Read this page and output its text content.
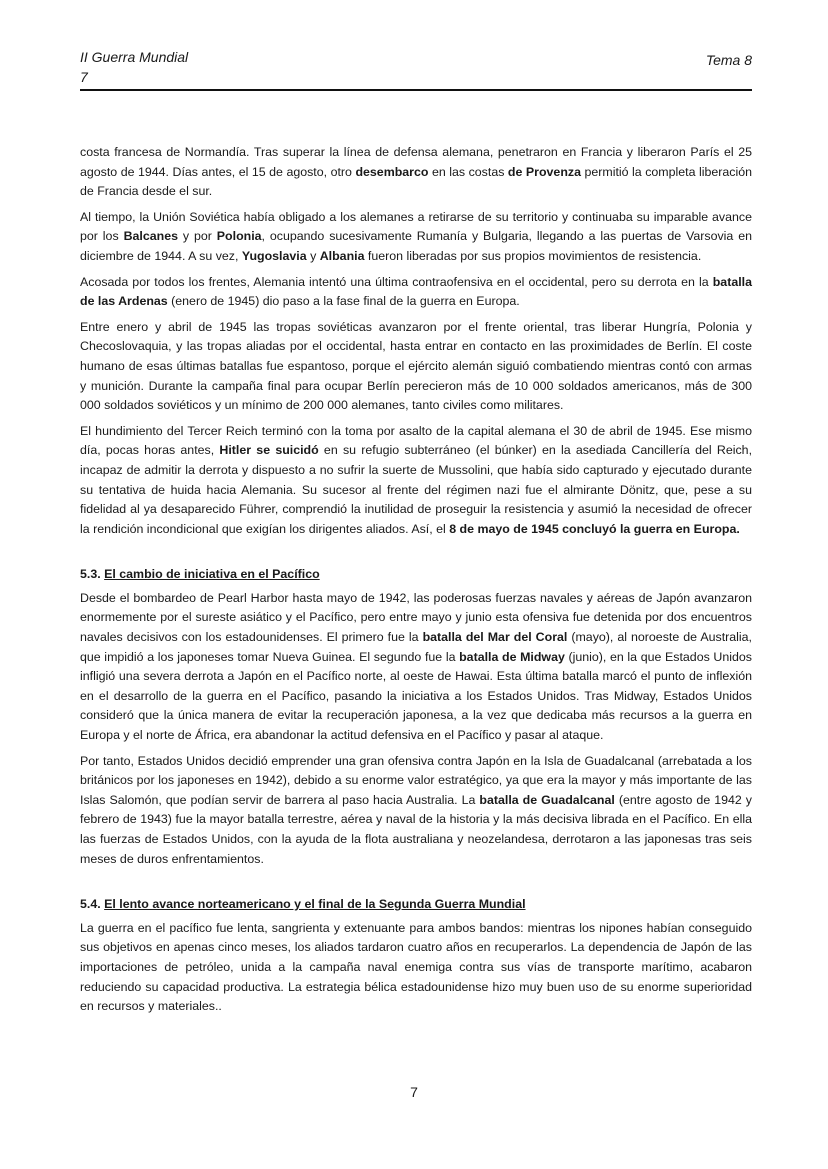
II Guerra Mundial
7
Tema 8

costa francesa de Normandía. Tras superar la línea de defensa alemana, penetraron en Francia y liberaron París el 25 agosto de 1944. Días antes, el 15 de agosto, otro desembarco en las costas de Provenza permitió la completa liberación de Francia desde el sur.

Al tiempo, la Unión Soviética había obligado a los alemanes a retirarse de su territorio y continuaba su imparable avance por los Balcanes y por Polonia, ocupando sucesivamente Rumanía y Bulgaria, llegando a las puertas de Varsovia en diciembre de 1944. A su vez, Yugoslavia y Albania fueron liberadas por sus propios movimientos de resistencia.

Acosada por todos los frentes, Alemania intentó una última contraofensiva en el occidental, pero su derrota en la batalla de las Ardenas (enero de 1945) dio paso a la fase final de la guerra en Europa.

Entre enero y abril de 1945 las tropas soviéticas avanzaron por el frente oriental, tras liberar Hungría, Polonia y Checoslovaquia, y las tropas aliadas por el occidental, hasta entrar en contacto en las proximidades de Berlín. El coste humano de esas últimas batallas fue espantoso, porque el ejército alemán siguió combatiendo mientras contó con armas y munición. Durante la campaña final para ocupar Berlín perecieron más de 10 000 soldados americanos, más de 300 000 soldados soviéticos y un mínimo de 200 000 alemanes, tanto civiles como militares.

El hundimiento del Tercer Reich terminó con la toma por asalto de la capital alemana el 30 de abril de 1945. Ese mismo día, pocas horas antes, Hitler se suicidó en su refugio subterráneo (el búnker) en la asediada Cancillería del Reich, incapaz de admitir la derrota y dispuesto a no sufrir la suerte de Mussolini, que había sido capturado y ejecutado durante su tentativa de huida hacia Alemania. Su sucesor al frente del régimen nazi fue el almirante Dönitz, que, pese a su fidelidad al ya desaparecido Führer, comprendió la inutilidad de proseguir la resistencia y asumió la necesidad de ofrecer la rendición incondicional que exigían los dirigentes aliados. Así, el 8 de mayo de 1945 concluyó la guerra en Europa.

5.3. El cambio de iniciativa en el Pacífico

Desde el bombardeo de Pearl Harbor hasta mayo de 1942, las poderosas fuerzas navales y aéreas de Japón avanzaron enormemente por el sureste asiático y el Pacífico, pero entre mayo y junio esta ofensiva fue detenida por dos encuentros navales decisivos con los estadounidenses. El primero fue la batalla del Mar del Coral (mayo), al noroeste de Australia, que impidió a los japoneses tomar Nueva Guinea. El segundo fue la batalla de Midway (junio), en la que Estados Unidos infligió una severa derrota a Japón en el Pacífico norte, al oeste de Hawai. Esta última batalla marcó el punto de inflexión en el desarrollo de la guerra en el Pacífico, pasando la iniciativa a los Estados Unidos. Tras Midway, Estados Unidos consideró que la única manera de evitar la recuperación japonesa, a la vez que dedicaba más recursos a la guerra en Europa y el norte de África, era abandonar la actitud defensiva en el Pacífico y pasar al ataque.

Por tanto, Estados Unidos decidió emprender una gran ofensiva contra Japón en la Isla de Guadalcanal (arrebatada a los británicos por los japoneses en 1942), debido a su enorme valor estratégico, ya que era la mayor y más importante de las Islas Salomón, que podían servir de barrera al paso hacia Australia. La batalla de Guadalcanal (entre agosto de 1942 y febrero de 1943) fue la mayor batalla terrestre, aérea y naval de la historia y la más decisiva librada en el Pacífico. En ella las fuerzas de Estados Unidos, con la ayuda de la flota australiana y neozelandesa, derrotaron a las japonesas tras seis meses de duros enfrentamientos.

5.4. El lento avance norteamericano y el final de la Segunda Guerra Mundial

La guerra en el pacífico fue lenta, sangrienta y extenuante para ambos bandos: mientras los nipones habían conseguido sus objetivos en apenas cinco meses, los aliados tardaron cuatro años en recuperarlos. La dependencia de Japón de las importaciones de petróleo, unida a la campaña naval enemiga contra sus vías de transporte marítimo, acabaron reduciendo su capacidad productiva. La estrategia bélica estadounidense hizo muy buen uso de su enorme superioridad en recursos y materiales..

7
